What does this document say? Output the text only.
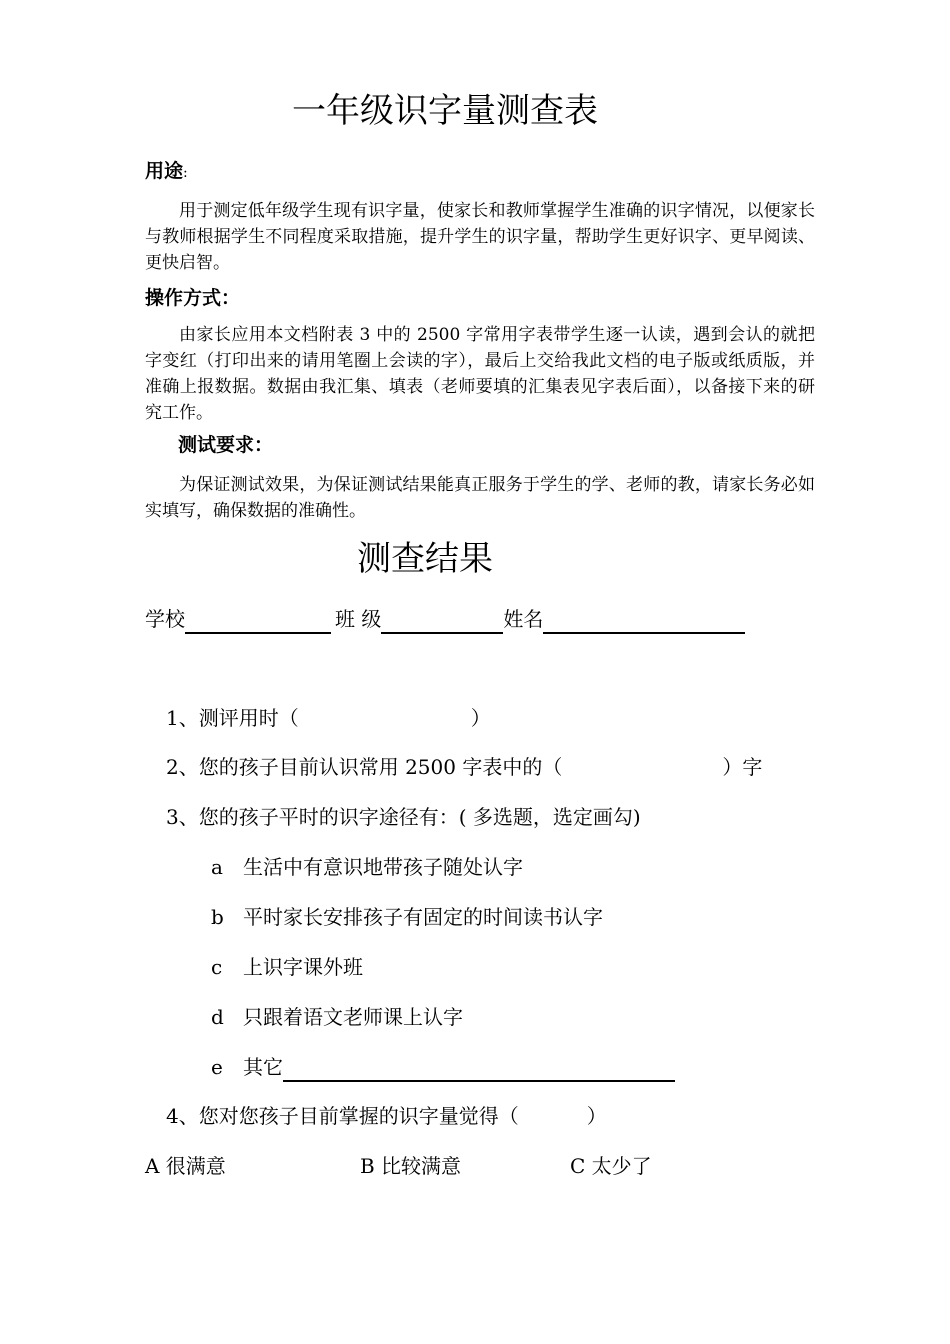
一年级识字量测查表
用途:
用于测定低年级学生现有识字量，使家长和教师掌握学生准确的识字情况，以便家长与教师根据学生不同程度采取措施，提升学生的识字量，帮助学生更好识字、更早阅读、更快启智。
操作方式：
由家长应用本文档附表 3 中的 2500 字常用字表带学生逐一认读，遇到会认的就把字变红（打印出来的请用笔圈上会读的字），最后上交给我此文档的电子版或纸质版，并准确上报数据。数据由我汇集、填表（老师要填的汇集表见字表后面），以备接下来的研究工作。
测试要求：
为保证测试效果，为保证测试结果能真正服务于学生的学、老师的教，请家长务必如实填写，确保数据的准确性。
测查结果
学校	班 级	姓名
1、测评用时（	）
2、您的孩子目前认识常用 2500 字表中的（	）字
3、您的孩子平时的识字途径有：( 多选题，选定画勾)
a 生活中有意识地带孩子随处认字
b 平时家长安排孩子有固定的时间读书认字
c 上识字课外班
d 只跟着语文老师课上认字
e 其它
4、您对您孩子目前掌握的识字量觉得（	）
A 很满意	B 比较满意	C 太少了
